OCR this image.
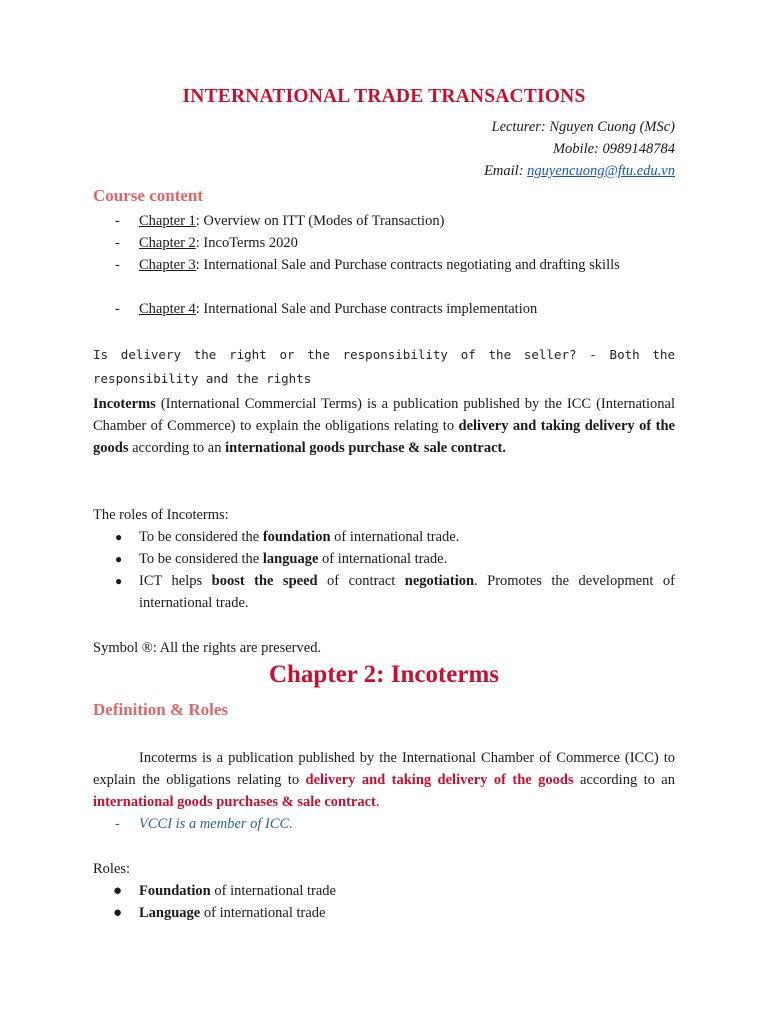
INTERNATIONAL TRADE TRANSACTIONS
Lecturer: Nguyen Cuong (MSc)
Mobile: 0989148784
Email: nguyencuong@ftu.edu.vn
Course content
- Chapter 1: Overview on ITT (Modes of Transaction)
- Chapter 2: IncoTerms 2020
- Chapter 3: International Sale and Purchase contracts negotiating and drafting skills
- Chapter 4: International Sale and Purchase contracts implementation
Is delivery the right or the responsibility of the seller? - Both the responsibility and the rights
Incoterms (International Commercial Terms) is a publication published by the ICC (International Chamber of Commerce) to explain the obligations relating to delivery and taking delivery of the goods according to an international goods purchase & sale contract.
The roles of Incoterms:
● To be considered the foundation of international trade.
● To be considered the language of international trade.
● ICT helps boost the speed of contract negotiation. Promotes the development of international trade.
Symbol ®: All the rights are preserved.
Chapter 2: Incoterms
Definition & Roles
Incoterms is a publication published by the International Chamber of Commerce (ICC) to explain the obligations relating to delivery and taking delivery of the goods according to an international goods purchases & sale contract.
- VCCI is a member of ICC.
Roles:
● Foundation of international trade
● Language of international trade
